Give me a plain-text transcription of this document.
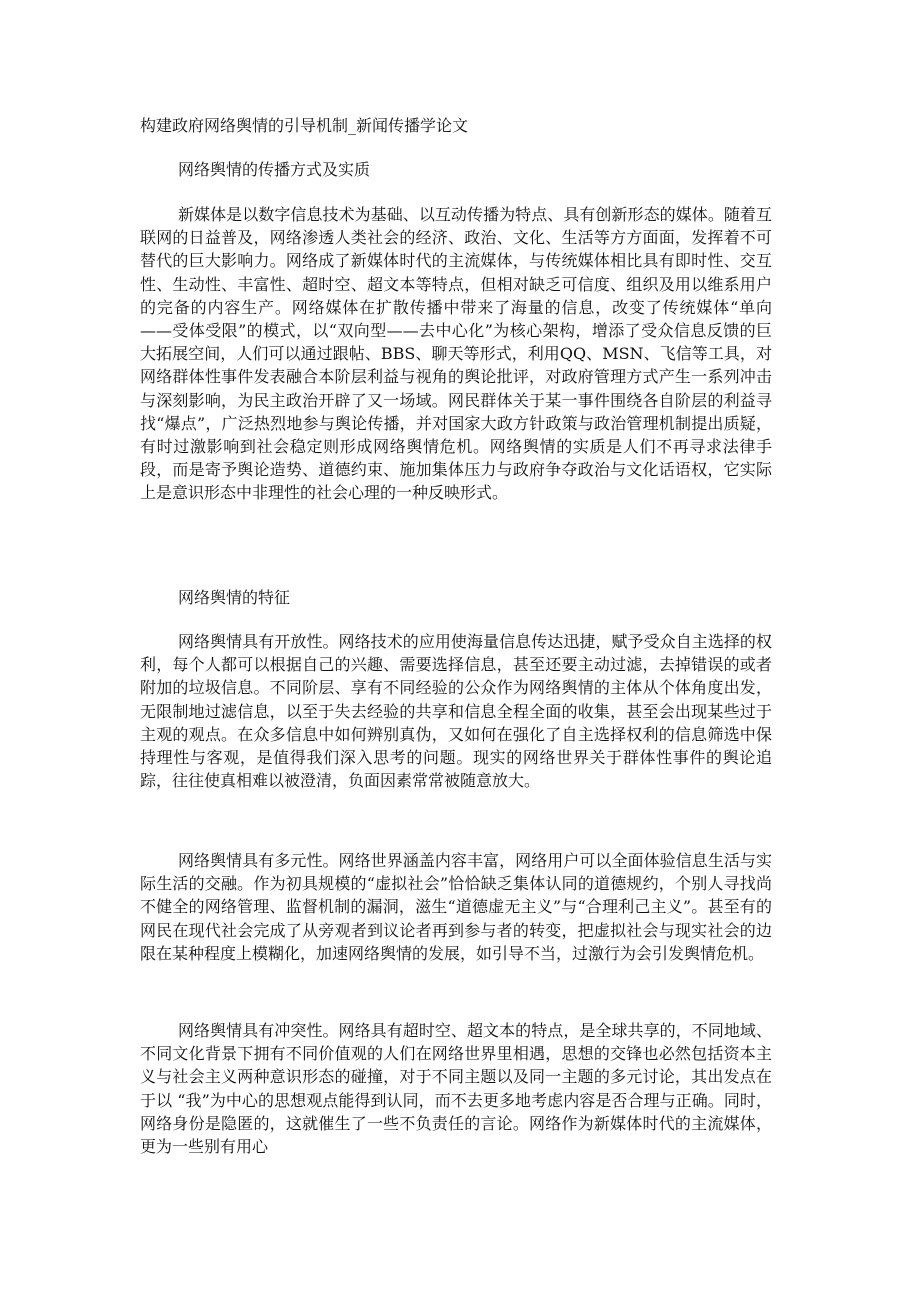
构建政府网络舆情的引导机制_新闻传播学论文
网络舆情的传播方式及实质

新媒体是以数字信息技术为基础、以互动传播为特点、具有创新形态的媒体。随着互联网的日益普及，网络渗透人类社会的经济、政治、文化、生活等方方面面，发挥着不可替代的巨大影响力。网络成了新媒体时代的主流媒体，与传统媒体相比具有即时性、交互性、生动性、丰富性、超时空、超文本等特点，但相对缺乏可信度、组织及用以维系用户的完备的内容生产。网络媒体在扩散传播中带来了海量的信息，改变了传统媒体“单向——受体受限”的模式，以“双向型——去中心化”为核心架构，增添了受众信息反馈的巨大拓展空间，人们可以通过跟帖、BBS、聊天等形式，利用QQ、MSN、飞信等工具，对网络群体性事件发表融合本阶层利益与视角的舆论批评，对政府管理方式产生一系列冲击与深刻影响，为民主政治开辟了又一场域。网民群体关于某一事件围绕各自阶层的利益寻找“爆点”，广泛热烈地参与舆论传播，并对国家大政方针政策与政治管理机制提出质疑，有时过激影响到社会稳定则形成网络舆情危机。网络舆情的实质是人们不再寻求法律手段，而是寄予舆论造势、道德约束、施加集体压力与政府争夺政治与文化话语权，它实际上是意识形态中非理性的社会心理的一种反映形式。

网络舆情的特征

网络舆情具有开放性。网络技术的应用使海量信息传达迅捷，赋予受众自主选择的权利，每个人都可以根据自己的兴趣、需要选择信息，甚至还要主动过滤，去掉错误的或者附加的垃圾信息。不同阶层、享有不同经验的公众作为网络舆情的主体从个体角度出发，无限制地过滤信息，以至于失去经验的共享和信息全程全面的收集，甚至会出现某些过于主观的观点。在众多信息中如何辨别真伪，又如何在强化了自主选择权利的信息筛选中保持理性与客观，是值得我们深入思考的问题。现实的网络世界关于群体性事件的舆论追踪，往往使真相难以被澄清，负面因素常常被随意放大。

网络舆情具有多元性。网络世界涵盖内容丰富，网络用户可以全面体验信息生活与实际生活的交融。作为初具规模的“虚拟社会”恰恰缺乏集体认同的道德规约，个别人寻找尚不健全的网络管理、监督机制的漏洞，滋生“道德虚无主义”与“合理利己主义”。甚至有的网民在现代社会完成了从旁观者到议论者再到参与者的转变，把虚拟社会与现实社会的边限在某种程度上模糊化，加速网络舆情的发展，如引导不当，过激行为会引发舆情危机。

网络舆情具有冲突性。网络具有超时空、超文本的特点，是全球共享的，不同地域、不同文化背景下拥有不同价值观的人们在网络世界里相遇，思想的交锋也必然包括资本主义与社会主义两种意识形态的碰撞，对于不同主题以及同一主题的多元讨论，其出发点在于以 “我”为中心的思想观点能得到认同，而不去更多地考虑内容是否合理与正确。同时，网络身份是隐匿的，这就催生了一些不负责任的言论。网络作为新媒体时代的主流媒体，更为一些别有用心
